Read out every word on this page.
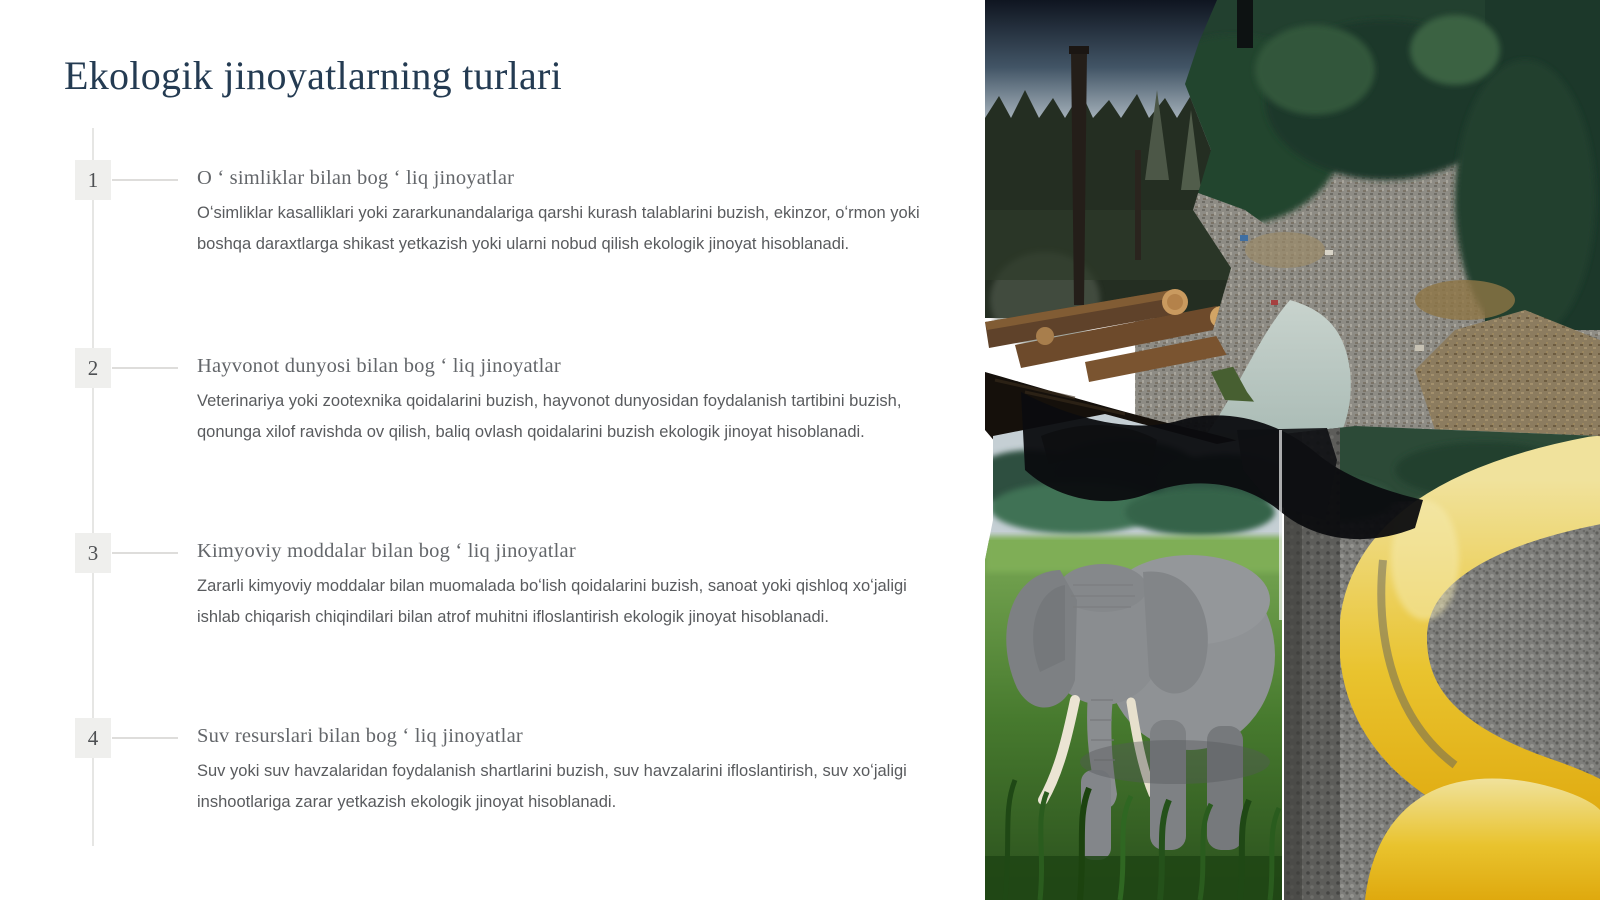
Ekologik jinoyatlarning turlari
1	O ʻ simliklar bilan bog ʻ liq jinoyatlar

Oʻsimliklar kasalliklari yoki zararkunandalariga qarshi kurash talablarini buzish, ekinzor, oʻrmon yoki boshqa daraxtlarga shikast yetkazish yoki ularni nobud qilish ekologik jinoyat hisoblanadi.

2	Hayvonot dunyosi bilan bog ʻ liq jinoyatlar

Veterinariya yoki zootexnika qoidalarini buzish, hayvonot dunyosidan foydalanish tartibini buzish, qonunga xilof ravishda ov qilish, baliq ovlash qoidalarini buzish ekologik jinoyat hisoblanadi.

3	Kimyoviy moddalar bilan bog ʻ liq jinoyatlar

Zararli kimyoviy moddalar bilan muomalada boʻlish qoidalarini buzish, sanoat yoki qishloq xoʻjaligi ishlab chiqarish chiqindilari bilan atrof muhitni ifloslantirish ekologik jinoyat hisoblanadi.

4	Suv resurslari bilan bog ʻ liq jinoyatlar

Suv yoki suv havzalaridan foydalanish shartlarini buzish, suv havzalarini ifloslantirish, suv xoʻjaligi inshootlariga zarar yetkazish ekologik jinoyat hisoblanadi.
